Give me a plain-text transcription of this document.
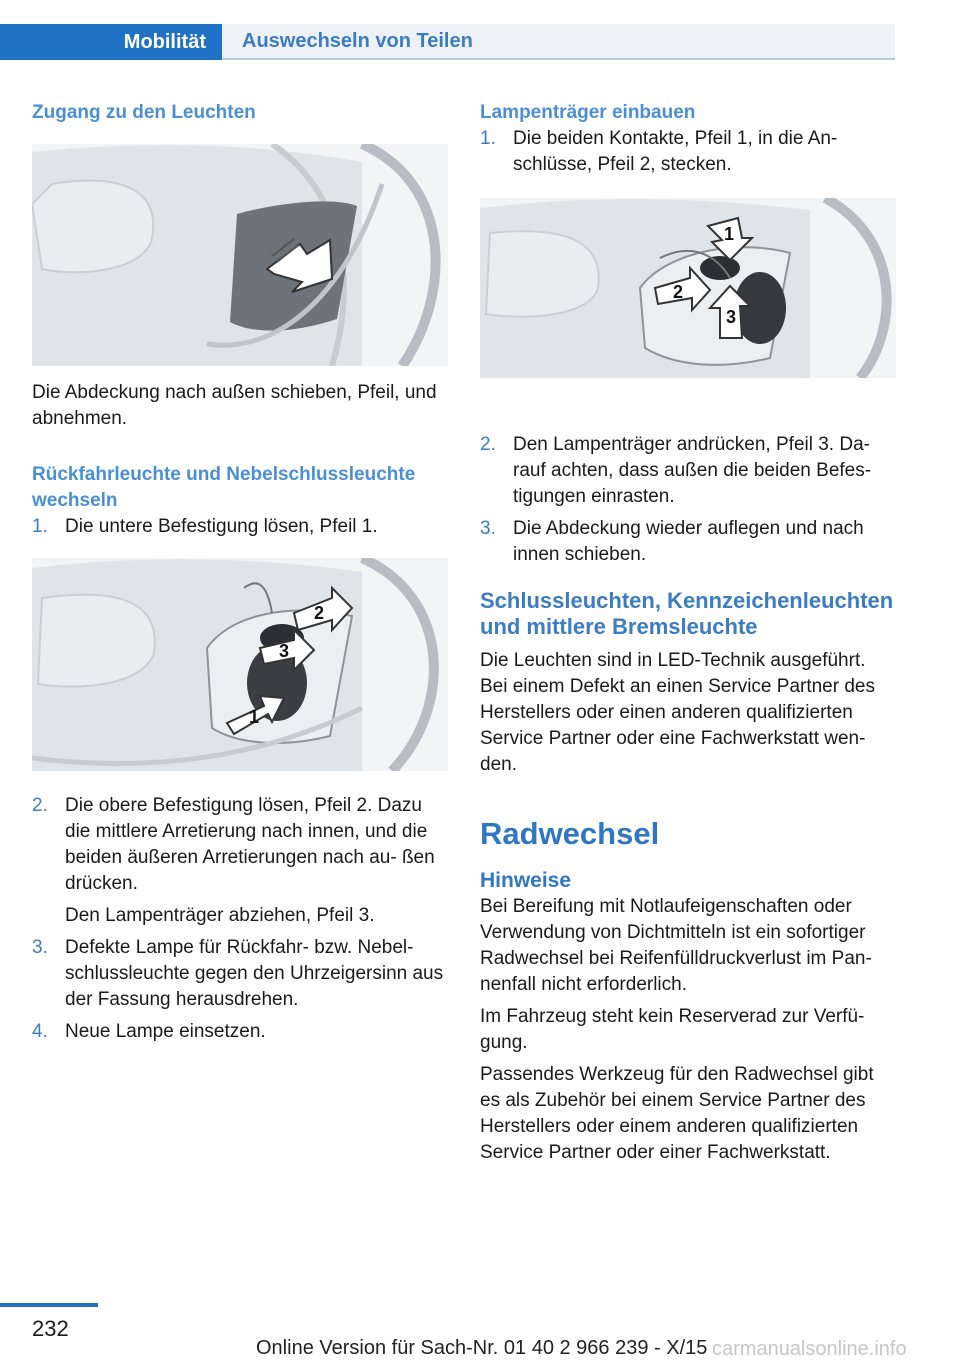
Mobilität	Auswechseln von Teilen
Zugang zu den Leuchten

Die Abdeckung nach außen schieben, Pfeil, und abnehmen.

Rückfahrleuchte und Nebelschlussleuchte wechseln
1. Die untere Befestigung lösen, Pfeil 1.
2
3
1
2. Die obere Befestigung lösen, Pfeil 2. Dazu die mittlere Arretierung nach innen, und die beiden äußeren Arretierungen nach au‐ ßen drücken.
Den Lampenträger abziehen, Pfeil 3.
3. Defekte Lampe für Rückfahr- bzw. Nebel‐ schlussleuchte gegen den Uhrzeigersinn aus der Fassung herausdrehen.
4. Neue Lampe einsetzen.
Lampenträger einbauen
1. Die beiden Kontakte, Pfeil 1, in die An‐ schlüsse, Pfeil 2, stecken.
1
2
3
2. Den Lampenträger andrücken, Pfeil 3. Da‐ rauf achten, dass außen die beiden Befes‐ tigungen einrasten.
3. Die Abdeckung wieder auflegen und nach innen schieben.
Schlussleuchten, Kennzeichenleuchten und mittlere Bremsleuchte

Die Leuchten sind in LED-Technik ausgeführt. Bei einem Defekt an einen Service Partner des Herstellers oder einen anderen qualifizierten Service Partner oder eine Fachwerkstatt wen‐ den.

Radwechsel
Hinweise

Bei Bereifung mit Notlaufeigenschaften oder Verwendung von Dichtmitteln ist ein sofortiger Radwechsel bei Reifenfülldruckverlust im Pan‐ nenfall nicht erforderlich.

Im Fahrzeug steht kein Reserverad zur Verfü‐ gung.

Passendes Werkzeug für den Radwechsel gibt es als Zubehör bei einem Service Partner des Herstellers oder einem anderen qualifizierten Service Partner oder einer Fachwerkstatt.

232
Online Version für Sach-Nr. 01 40 2 966 239 - X/15 carmanualsonline.info
